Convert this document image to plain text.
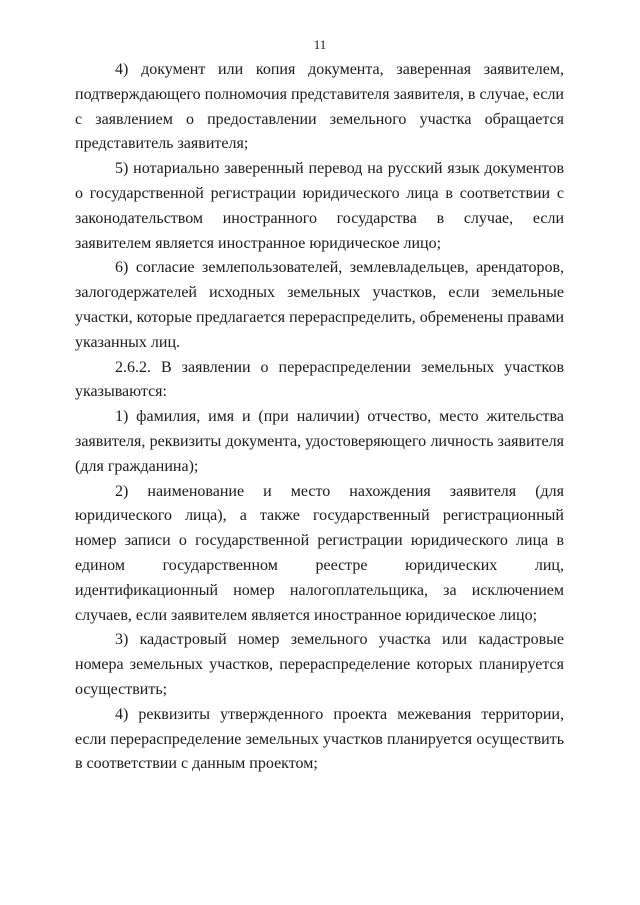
11

4) документ или копия документа, заверенная заявителем, подтверждающего полномочия представителя заявителя, в случае, если с заявлением о предоставлении земельного участка обращается представитель заявителя;

5) нотариально заверенный перевод на русский язык документов о государственной регистрации юридического лица в соответствии с законодательством иностранного государства в случае, если заявителем является иностранное юридическое лицо;

6) согласие землепользователей, землевладельцев, арендаторов, залогодержателей исходных земельных участков, если земельные участки, которые предлагается перераспределить, обременены правами указанных лиц.

2.6.2. В заявлении о перераспределении земельных участков указываются:

1) фамилия, имя и (при наличии) отчество, место жительства заявителя, реквизиты документа, удостоверяющего личность заявителя (для гражданина);

2) наименование и место нахождения заявителя (для юридического лица), а также государственный регистрационный номер записи о государственной регистрации юридического лица в едином государственном реестре юридических лиц, идентификационный номер налогоплательщика, за исключением случаев, если заявителем является иностранное юридическое лицо;

3) кадастровый номер земельного участка или кадастровые номера земельных участков, перераспределение которых планируется осуществить;

4) реквизиты утвержденного проекта межевания территории, если перераспределение земельных участков планируется осуществить в соответствии с данным проектом;
